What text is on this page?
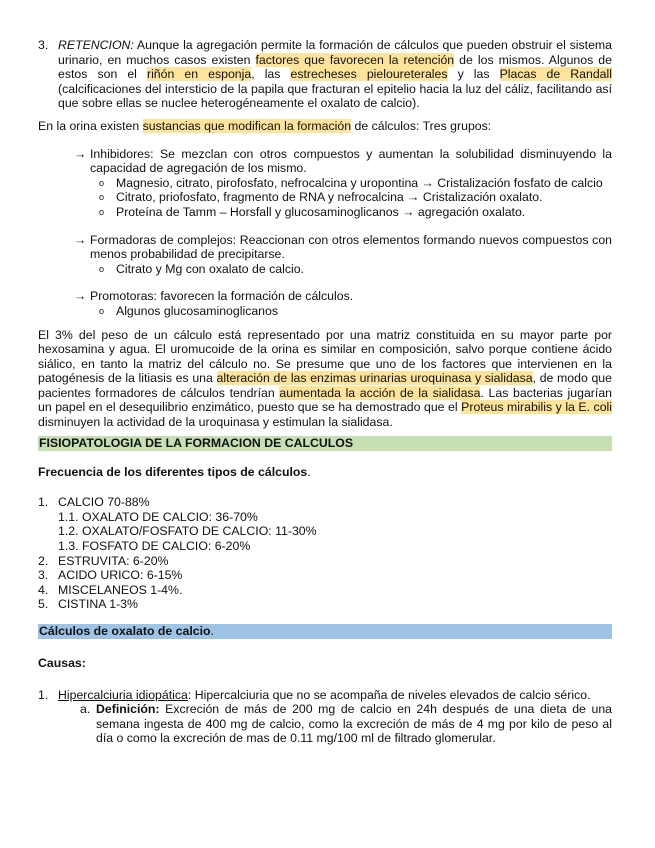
3. RETENCION: Aunque la agregación permite la formación de cálculos que pueden obstruir el sistema urinario, en muchos casos existen factores que favorecen la retención de los mismos. Algunos de estos son el riñón en esponja, las estrecheses pieloureterales y las Placas de Randall (calcificaciones del intersticio de la papila que fracturan el epitelio hacia la luz del cáliz, facilitando así que sobre ellas se nuclee heterogéneamente el oxalato de calcio).
En la orina existen sustancias que modifican la formación de cálculos: Tres grupos:
→ Inhibidores: Se mezclan con otros compuestos y aumentan la solubilidad disminuyendo la capacidad de agregación de los mismo.
o Magnesio, citrato, pirofosfato, nefrocalcina y uropontina → Cristalización fosfato de calcio
o Citrato, priofosfato, fragmento de RNA y nefrocalcina → Cristalización oxalato.
o Proteína de Tamm – Horsfall y glucosaminoglicanos → agregación oxalato.
→ Formadoras de complejos: Reaccionan con otros elementos formando nuevos compuestos con menos probabilidad de precipitarse.
o Citrato y Mg con oxalato de calcio.
→ Promotoras: favorecen la formación de cálculos.
o Algunos glucosaminoglicanos
El 3% del peso de un cálculo está representado por una matriz constituida en su mayor parte por hexosamina y agua. El uromucoide de la orina es similar en composición, salvo porque contiene ácido siálico, en tanto la matriz del cálculo no. Se presume que uno de los factores que intervienen en la patogénesis de la litiasis es una alteración de las enzimas urinarias uroquinasa y sialidasa, de modo que pacientes formadores de cálculos tendrían aumentada la acción de la sialidasa. Las bacterias jugarían un papel en el desequilibrio enzimático, puesto que se ha demostrado que el Proteus mirabilis y la E. coli disminuyen la actividad de la uroquinasa y estimulan la sialidasa.
FISIOPATOLOGIA DE LA FORMACION DE CALCULOS
Frecuencia de los diferentes tipos de cálculos.
1. CALCIO 70-88%
1.1. OXALATO DE CALCIO: 36-70%
1.2. OXALATO/FOSFATO DE CALCIO: 11-30%
1.3. FOSFATO DE CALCIO: 6-20%
2. ESTRUVITA: 6-20%
3. ACIDO URICO: 6-15%
4. MISCELANEOS 1-4%.
5. CISTINA 1-3%
Cálculos de oxalato de calcio.
Causas:
1. Hipercalciuria idiopática: Hipercalciuria que no se acompaña de niveles elevados de calcio sérico.
a. Definición: Excreción de más de 200 mg de calcio en 24h después de una dieta de una semana ingesta de 400 mg de calcio, como la excreción de más de 4 mg por kilo de peso al día o como la excreción de mas de 0.11 mg/100 ml de filtrado glomerular.
